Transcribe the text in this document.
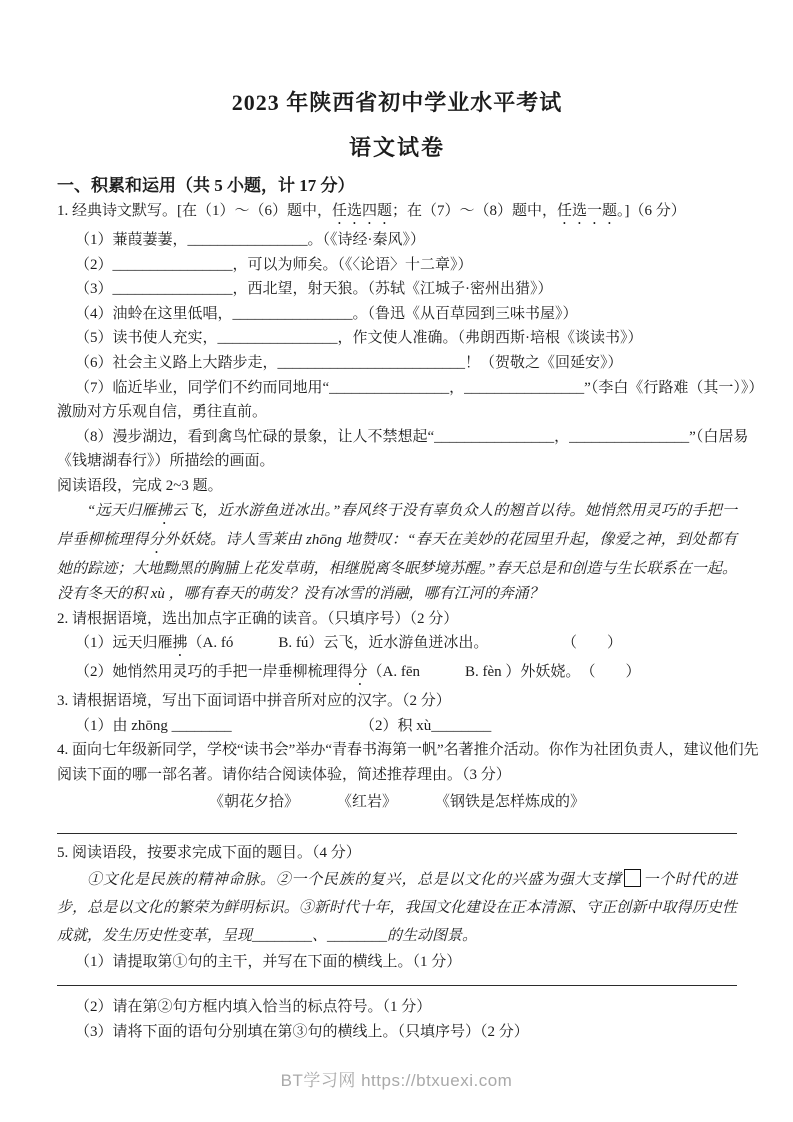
2023 年陕西省初中学业水平考试
语文试卷
一、积累和运用（共 5 小题，计 17 分）
1. 经典诗文默写。[在（1）～（6）题中，任选四题；在（7）～（8）题中，任选一题。]（6 分）
（1）蒹葭萋萋，________________。（《诗经·秦风》）
（2）________________，可以为师矣。（《〈论语〉十二章》）
（3）________________，西北望，射天狼。（苏轼《江城子·密州出猎》）
（4）油蛉在这里低唱，________________。（鲁迅《从百草园到三味书屋》）
（5）读书使人充实，________________，作文使人准确。（弗朗西斯·培根《谈读书》）
（6）社会主义路上大踏步走，_________________________！（贺敬之《回延安》）
（7）临近毕业，同学们不约而同地用“________________，________________”（李白《行路难（其一）》）
激励对方乐观自信，勇往直前。
（8）漫步湖边，看到禽鸟忙碌的景象，让人不禁想起“________________，________________”（白居易
《钱塘湖春行》）所描绘的画面。
阅读语段，完成 2~3 题。
“远天归雁拂云飞，近水游鱼迸冰出。”春风终于没有辜负众人的翘首以待。她悄然用灵巧的手把一岸垂柳梳理得分外妖娆。诗人雪莱由 zhōng 地赞叹：“春天在美妙的花园里升起，像爱之神，到处都有她的踪迹；大地黝黑的胸脯上花发草萌，相继脱离冬眠梦境苏醒。”春天总是和创造与生长联系在一起。没有冬天的积 xù ，哪有春天的萌发？没有冰雪的消融，哪有江河的奔涌？
2. 请根据语境，选出加点字正确的读音。（只填序号）（2 分）
（1）远天归雁拂（A. fó　　　B. fú）云飞，近水游鱼迸冰出。	（　　）
（2）她悄然用灵巧的手把一岸垂柳梳理得分（A. fēn　　　B. fèn ）外妖娆。 （　　）
3. 请根据语境，写出下面词语中拼音所对应的汉字。（2 分）
（1）由 zhōng ________	（2）积 xù________
4. 面向七年级新同学，学校“读书会”举办“青春书海第一帆”名著推介活动。你作为社团负责人，建议他们先
阅读下面的哪一部名著。请你结合阅读体验，简述推荐理由。（3 分）
《朝花夕拾》	《红岩》	《钢铁是怎样炼成的》
5. 阅读语段，按要求完成下面的题目。（4 分）
①文化是民族的精神命脉。②一个民族的复兴，总是以文化的兴盛为强大支撑 一个时代的进步，总是以文化的繁荣为鲜明标识。③新时代十年，我国文化建设在正本清源、守正创新中取得历史性成就，发生历史性变革，呈现________、________的生动图景。
（1）请提取第①句的主干，并写在下面的横线上。（1 分）
（2）请在第②句方框内填入恰当的标点符号。（1 分）
（3）请将下面的语句分别填在第③句的横线上。（只填序号）（2 分）
BT学习网 https://btxuexi.com
